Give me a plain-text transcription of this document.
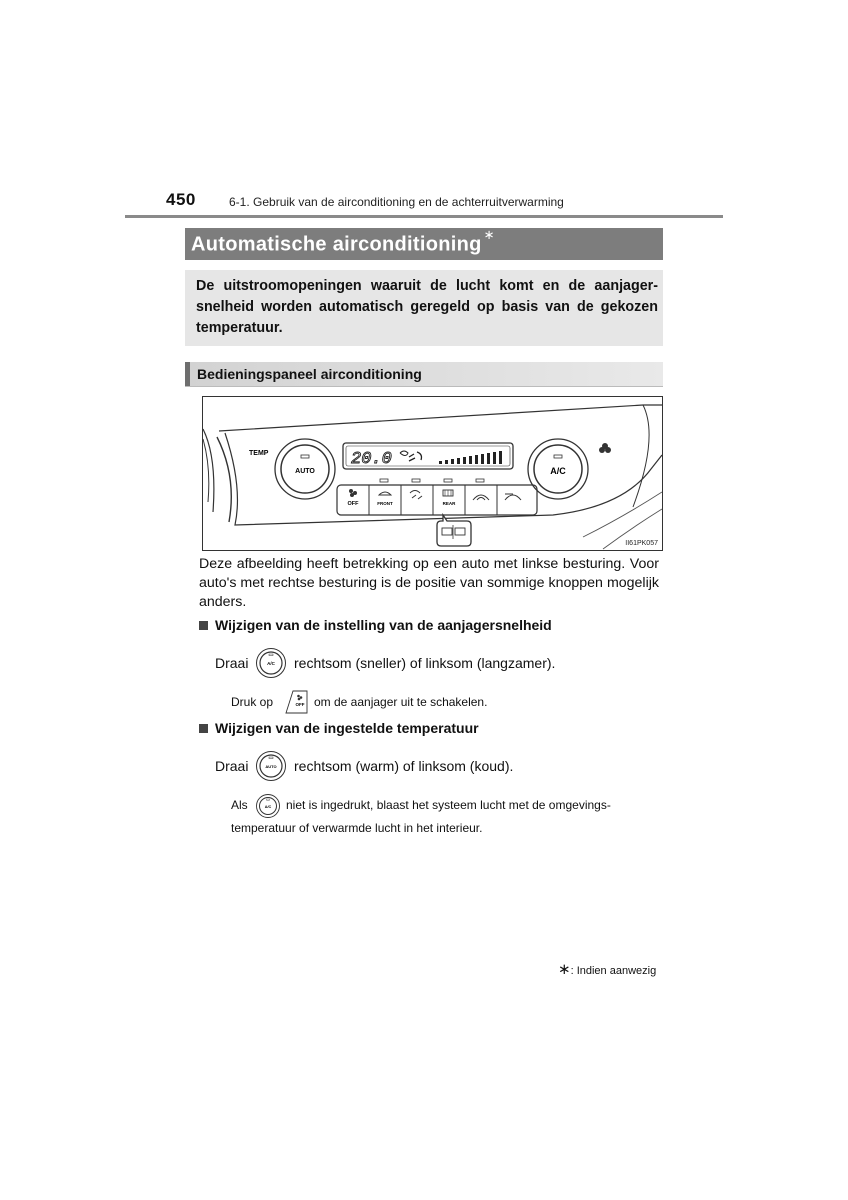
450	6-1. Gebruik van de airconditioning en de achterruitverwarming
Automatische airconditioning ∗
De uitstroomopeningen waaruit de lucht komt en de aanjager-snelheid worden automatisch geregeld op basis van de gekozen temperatuur.
Bedieningspaneel airconditioning
TEMP
AUTO	A/C
20.0
OFF	FRONT	REAR
II61PK057
Deze afbeelding heeft betrekking op een auto met linkse besturing. Voor auto's met rechtse besturing is de positie van sommige knoppen mogelijk anders.
Wijzigen van de instelling van de aanjagersnelheid
Draai	A/C rechtsom (sneller) of linksom (langzamer).
Druk op	OFF om de aanjager uit te schakelen.
Wijzigen van de ingestelde temperatuur
Draai	AUTO rechtsom (warm) of linksom (koud).
Als	A/C niet is ingedrukt, blaast het systeem lucht met de omgevings-
temperatuur of verwarmde lucht in het interieur.
∗: Indien aanwezig
